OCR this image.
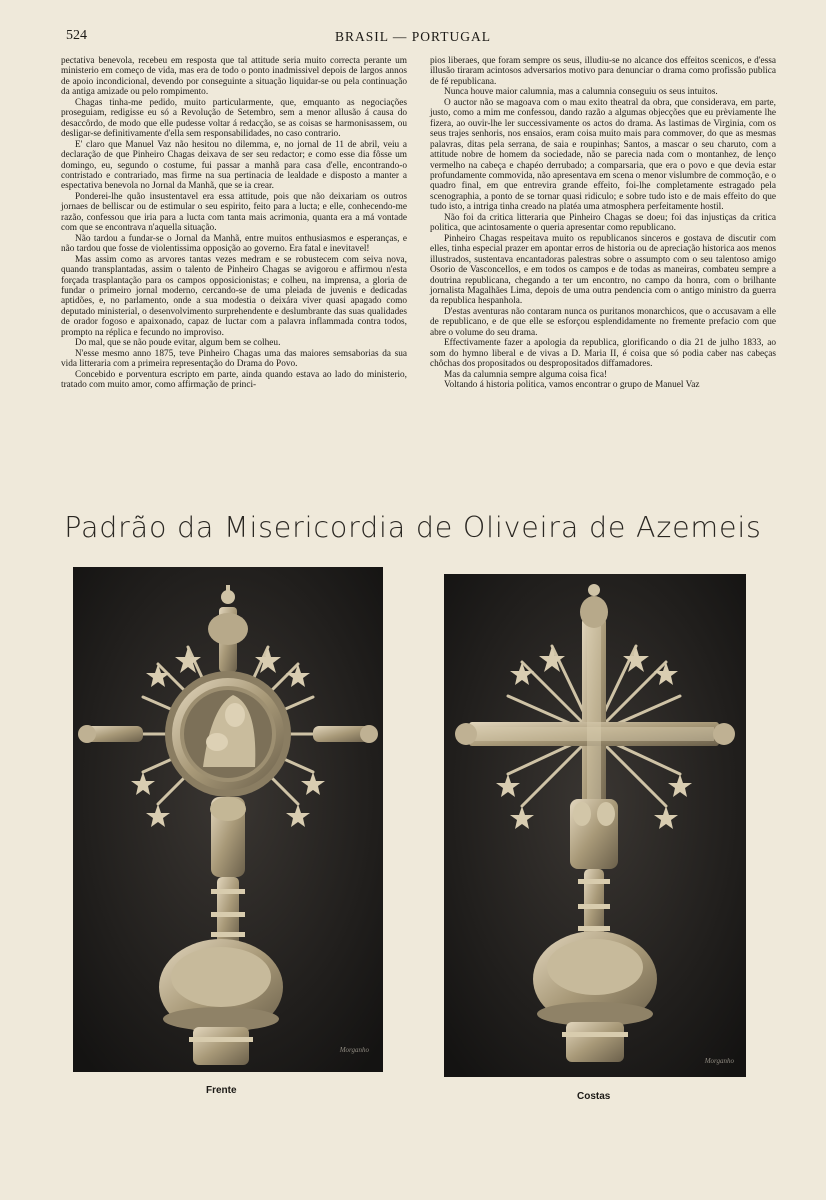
524	BRASIL — PORTUGAL

pectativa benevola, recebeu em resposta que tal attitude seria muito correcta perante um ministerio em começo de vida, mas era de todo o ponto inadmissivel depois de largos annos de apoio incondicional, devendo por conseguinte a situação liquidar-se ou pela continuação da antiga amizade ou pelo rompimento.

Chagas tinha-me pedido, muito particularmente, que, emquanto as negociações proseguiam, redigisse eu só a Revolução de Setembro, sem a menor allusão á causa do desaccôrdo, de modo que elle pudesse voltar á redacção, se as coisas se harmonisassem, ou desligar-se definitivamente d'ella sem responsabilidades, no caso contrario.

E' claro que Manuel Vaz não hesitou no dilemma, e, no jornal de 11 de abril, veiu a declaração de que Pinheiro Chagas deixava de ser seu redactor; e como esse dia fôsse um domingo, eu, segundo o costume, fui passar a manhã para casa d'elle, encontrando-o contristado e contrariado, mas firme na sua pertinacia de lealdade e disposto a manter a espectativa benevola no Jornal da Manhã, que se ia crear.

Ponderei-lhe quão insustentavel era essa attitude, pois que não deixariam os outros jornaes de belliscar ou de estimular o seu espirito, feito para a lucta; e elle, conhecendo-me razão, confessou que iria para a lucta com tanta mais acrimonia, quanta era a má vontade com que se encontrava n'aquella situação.

Não tardou a fundar-se o Jornal da Manhã, entre muitos enthusiasmos e esperanças, e não tardou que fosse de violentissima opposição ao governo. Era fatal e inevitavel!

Mas assim como as arvores tantas vezes medram e se robustecem com seiva nova, quando transplantadas, assim o talento de Pinheiro Chagas se avigorou e affirmou n'esta forçada trasplantação para os campos opposicionistas; e colheu, na imprensa, a gloria de fundar o primeiro jornal moderno, cercando-se de uma pleiada de juvenis e dedicadas aptidões, e, no parlamento, onde a sua modestia o deixára viver quasi apagado como deputado ministerial, o desenvolvimento surprehendente e deslumbrante das suas qualidades de orador fogoso e apaixonado, capaz de luctar com a palavra inflammada contra todos, prompto na réplica e fecundo no improviso.

Do mal, que se não poude evitar, algum bem se colheu.

N'esse mesmo anno 1875, teve Pinheiro Chagas uma das maiores semsaborias da sua vida litteraria com a primeira representação do Drama do Povo.

Concebido e porventura escripto em parte, ainda quando estava ao lado do ministerio, tratado com muito amor, como affirmação de princi-

pios liberaes, que foram sempre os seus, illudiu-se no alcance dos effeitos scenicos, e d'essa illusão tiraram acintosos adversarios motivo para denunciar o drama como profissão publica de fé republicana.

Nunca houve maior calumnia, mas a calumnia conseguiu os seus intuitos.

O auctor não se magoava com o mau exito theatral da obra, que considerava, em parte, justo, como a mim me confessou, dando razão a algumas objecções que eu prèviamente lhe fizera, ao ouvir-lhe ler successivamente os actos do drama. As lastimas de Virginia, com os seus trajes senhoris, nos ensaios, eram coisa muito mais para commover, do que as mesmas palavras, ditas pela serrana, de saia e roupinhas; Santos, a mascar o seu charuto, com a attitude nobre de homem da sociedade, não se parecia nada com o montanhez, de lenço vermelho na cabeça e chapéo derrubado; a comparsaria, que era o povo e que devia estar profundamente commovida, não apresentava em scena o menor vislumbre de commoção, e o quadro final, em que entrevira grande effeito, foi-lhe completamente estragado pela scenographia, a ponto de se tornar quasi ridiculo; e sobre tudo isto e de mais effeito do que tudo isto, a intriga tinha creado na platéa uma atmosphera perfeitamente hostil.

Não foi da critica litteraria que Pinheiro Chagas se doeu; foi das injustiças da critica politica, que acintosamente o queria apresentar como republicano.

Pinheiro Chagas respeitava muito os republicanos sinceros e gostava de discutir com elles, tinha especial prazer em apontar erros de historia ou de apreciação historica aos menos illustrados, sustentava encantadoras palestras sobre o assumpto com o seu talentoso amigo Osorio de Vasconcellos, e em todos os campos e de todas as maneiras, combateu sempre a doutrina republicana, chegando a ter um encontro, no campo da honra, com o brilhante jornalista Magalhães Lima, depois de uma outra pendencia com o antigo ministro da guerra da republica hespanhola.

D'estas aventuras não contaram nunca os puritanos monarchicos, que o accusavam a elle de republicano, e de que elle se esforçou esplendidamente no fremente prefacio com que abre o volume do seu drama.

Effectivamente fazer a apologia da republica, glorificando o dia 21 de julho 1833, ao som do hymno liberal e de vivas a D. Maria II, é coisa que só podia caber nas cabeças chôchas dos propositados ou despropositados diffamadores.

Mas da calumnia sempre alguma coisa fica!

Voltando á historia politica, vamos encontrar o grupo de Manuel Vaz

Padrão da Misericordia de Oliveira de Azemeis
Morganho
Frente
Morganho
Costas
